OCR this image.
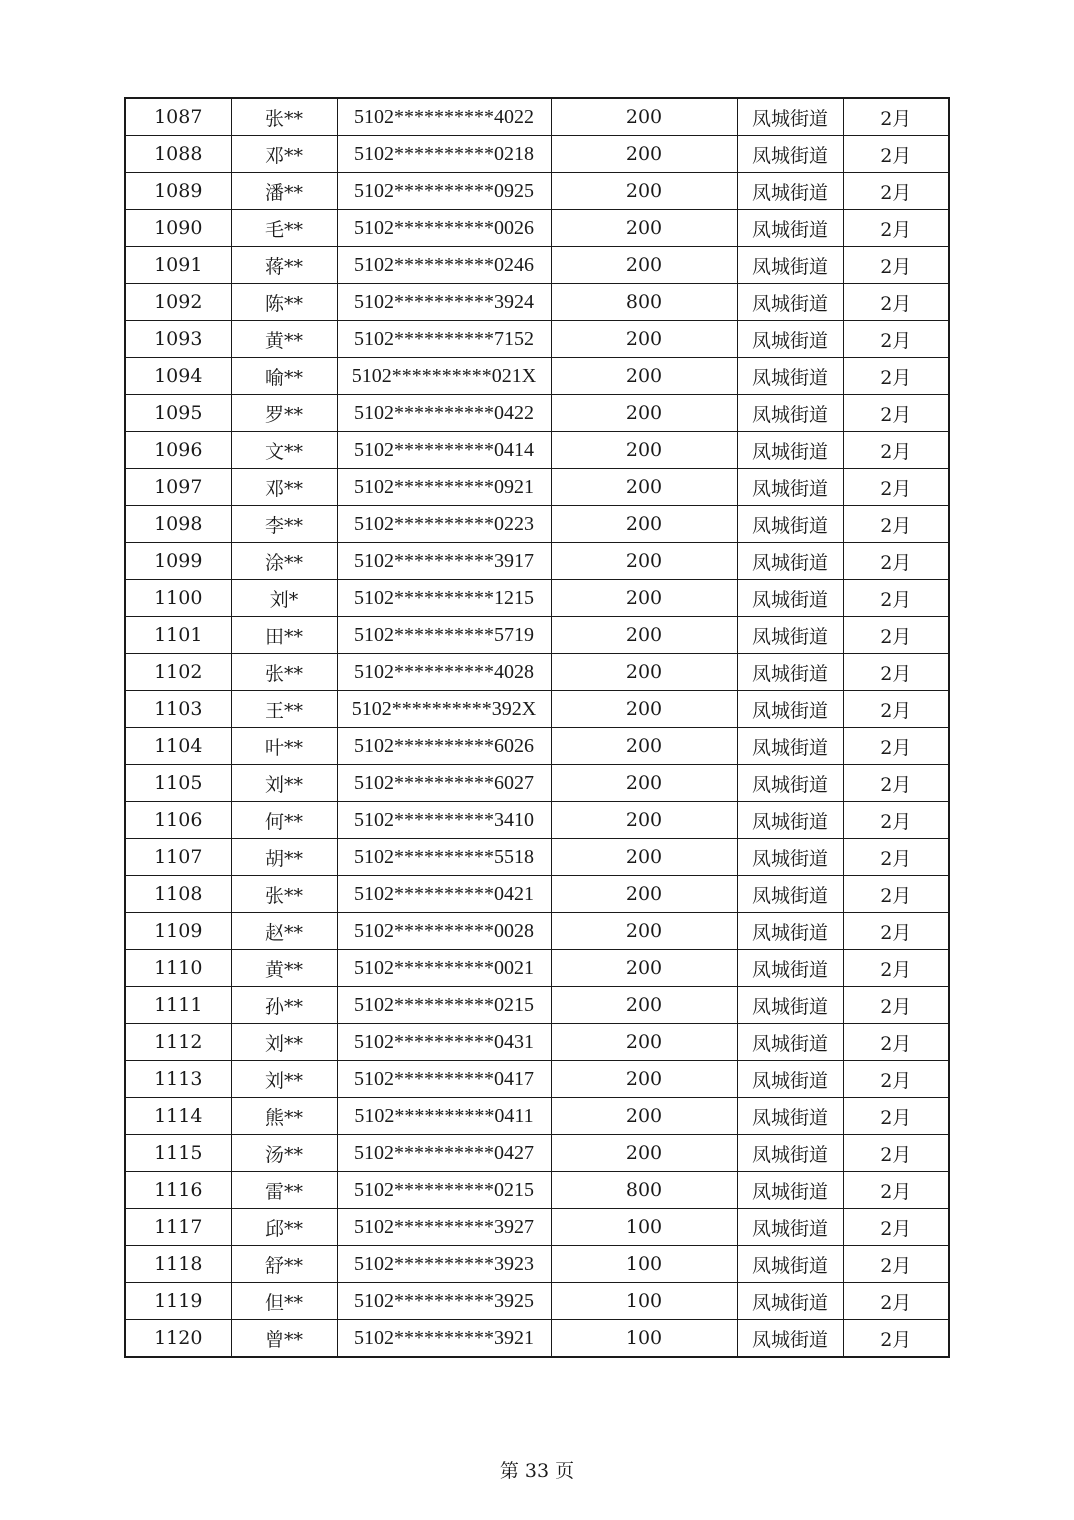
1087	张**	5102**********4022	200	凤城街道	2月
1088	邓**	5102**********0218	200	凤城街道	2月
1089	潘**	5102**********0925	200	凤城街道	2月
1090	毛**	5102**********0026	200	凤城街道	2月
1091	蒋**	5102**********0246	200	凤城街道	2月
1092	陈**	5102**********3924	800	凤城街道	2月
1093	黄**	5102**********7152	200	凤城街道	2月
1094	喻**	5102**********021X	200	凤城街道	2月
1095	罗**	5102**********0422	200	凤城街道	2月
1096	文**	5102**********0414	200	凤城街道	2月
1097	邓**	5102**********0921	200	凤城街道	2月
1098	李**	5102**********0223	200	凤城街道	2月
1099	涂**	5102**********3917	200	凤城街道	2月
1100	刘*	5102**********1215	200	凤城街道	2月
1101	田**	5102**********5719	200	凤城街道	2月
1102	张**	5102**********4028	200	凤城街道	2月
1103	王**	5102**********392X	200	凤城街道	2月
1104	叶**	5102**********6026	200	凤城街道	2月
1105	刘**	5102**********6027	200	凤城街道	2月
1106	何**	5102**********3410	200	凤城街道	2月
1107	胡**	5102**********5518	200	凤城街道	2月
1108	张**	5102**********0421	200	凤城街道	2月
1109	赵**	5102**********0028	200	凤城街道	2月
1110	黄**	5102**********0021	200	凤城街道	2月
1111	孙**	5102**********0215	200	凤城街道	2月
1112	刘**	5102**********0431	200	凤城街道	2月
1113	刘**	5102**********0417	200	凤城街道	2月
1114	熊**	5102**********0411	200	凤城街道	2月
1115	汤**	5102**********0427	200	凤城街道	2月
1116	雷**	5102**********0215	800	凤城街道	2月
1117	邱**	5102**********3927	100	凤城街道	2月
1118	舒**	5102**********3923	100	凤城街道	2月
1119	但**	5102**********3925	100	凤城街道	2月
1120	曾**	5102**********3921	100	凤城街道	2月
第 33 页
